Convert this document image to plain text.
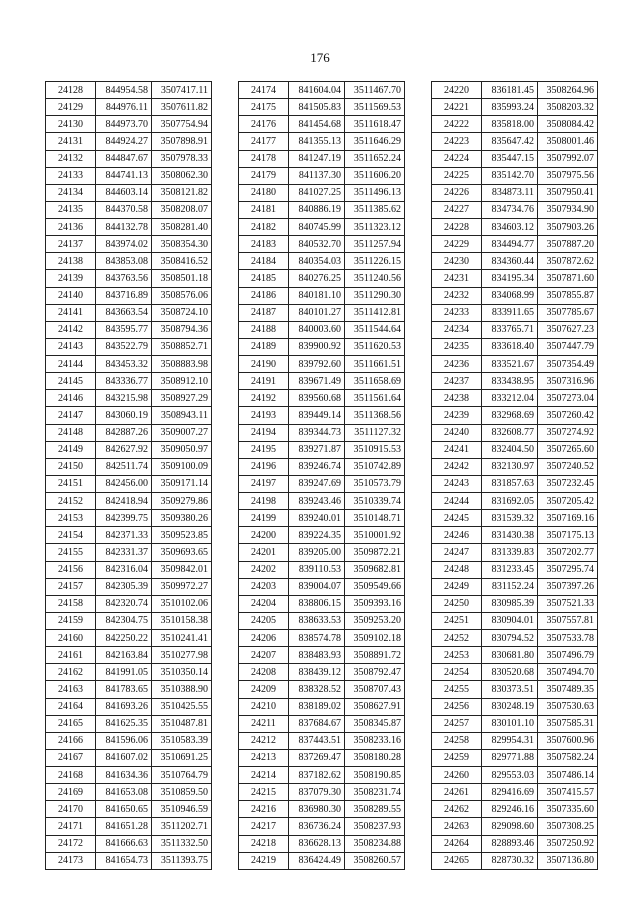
176
24128	844954.58	3507417.11
24129	844976.11	3507611.82
24130	844973.70	3507754.94
24131	844924.27	3507898.91
24132	844847.67	3507978.33
24133	844741.13	3508062.30
24134	844603.14	3508121.82
24135	844370.58	3508208.07
24136	844132.78	3508281.40
24137	843974.02	3508354.30
24138	843853.08	3508416.52
24139	843763.56	3508501.18
24140	843716.89	3508576.06
24141	843663.54	3508724.10
24142	843595.77	3508794.36
24143	843522.79	3508852.71
24144	843453.32	3508883.98
24145	843336.77	3508912.10
24146	843215.98	3508927.29
24147	843060.19	3508943.11
24148	842887.26	3509007.27
24149	842627.92	3509050.97
24150	842511.74	3509100.09
24151	842456.00	3509171.14
24152	842418.94	3509279.86
24153	842399.75	3509380.26
24154	842371.33	3509523.85
24155	842331.37	3509693.65
24156	842316.04	3509842.01
24157	842305.39	3509972.27
24158	842320.74	3510102.06
24159	842304.75	3510158.38
24160	842250.22	3510241.41
24161	842163.84	3510277.98
24162	841991.05	3510350.14
24163	841783.65	3510388.90
24164	841693.26	3510425.55
24165	841625.35	3510487.81
24166	841596.06	3510583.39
24167	841607.02	3510691.25
24168	841634.36	3510764.79
24169	841653.08	3510859.50
24170	841650.65	3510946.59
24171	841651.28	3511202.71
24172	841666.63	3511332.50
24173	841654.73	3511393.75
24174	841604.04	3511467.70
24175	841505.83	3511569.53
24176	841454.68	3511618.47
24177	841355.13	3511646.29
24178	841247.19	3511652.24
24179	841137.30	3511606.20
24180	841027.25	3511496.13
24181	840886.19	3511385.62
24182	840745.99	3511323.12
24183	840532.70	3511257.94
24184	840354.03	3511226.15
24185	840276.25	3511240.56
24186	840181.10	3511290.30
24187	840101.27	3511412.81
24188	840003.60	3511544.64
24189	839900.92	3511620.53
24190	839792.60	3511661.51
24191	839671.49	3511658.69
24192	839560.68	3511561.64
24193	839449.14	3511368.56
24194	839344.73	3511127.32
24195	839271.87	3510915.53
24196	839246.74	3510742.89
24197	839247.69	3510573.79
24198	839243.46	3510339.74
24199	839240.01	3510148.71
24200	839224.35	3510001.92
24201	839205.00	3509872.21
24202	839110.53	3509682.81
24203	839004.07	3509549.66
24204	838806.15	3509393.16
24205	838633.53	3509253.20
24206	838574.78	3509102.18
24207	838483.93	3508891.72
24208	838439.12	3508792.47
24209	838328.52	3508707.43
24210	838189.02	3508627.91
24211	837684.67	3508345.87
24212	837443.51	3508233.16
24213	837269.47	3508180.28
24214	837182.62	3508190.85
24215	837079.30	3508231.74
24216	836980.30	3508289.55
24217	836736.24	3508237.93
24218	836628.13	3508234.88
24219	836424.49	3508260.57
24220	836181.45	3508264.96
24221	835993.24	3508203.32
24222	835818.00	3508084.42
24223	835647.42	3508001.46
24224	835447.15	3507992.07
24225	835142.70	3507975.56
24226	834873.11	3507950.41
24227	834734.76	3507934.90
24228	834603.12	3507903.26
24229	834494.77	3507887.20
24230	834360.44	3507872.62
24231	834195.34	3507871.60
24232	834068.99	3507855.87
24233	833911.65	3507785.67
24234	833765.71	3507627.23
24235	833618.40	3507447.79
24236	833521.67	3507354.49
24237	833438.95	3507316.96
24238	833212.04	3507273.04
24239	832968.69	3507260.42
24240	832608.77	3507274.92
24241	832404.50	3507265.60
24242	832130.97	3507240.52
24243	831857.63	3507232.45
24244	831692.05	3507205.42
24245	831539.32	3507169.16
24246	831430.38	3507175.13
24247	831339.83	3507202.77
24248	831233.45	3507295.74
24249	831152.24	3507397.26
24250	830985.39	3507521.33
24251	830904.01	3507557.81
24252	830794.52	3507533.78
24253	830681.80	3507496.79
24254	830520.68	3507494.70
24255	830373.51	3507489.35
24256	830248.19	3507530.63
24257	830101.10	3507585.31
24258	829954.31	3507600.96
24259	829771.88	3507582.24
24260	829553.03	3507486.14
24261	829416.69	3507415.57
24262	829246.16	3507335.60
24263	829098.60	3507308.25
24264	828893.46	3507250.92
24265	828730.32	3507136.80
